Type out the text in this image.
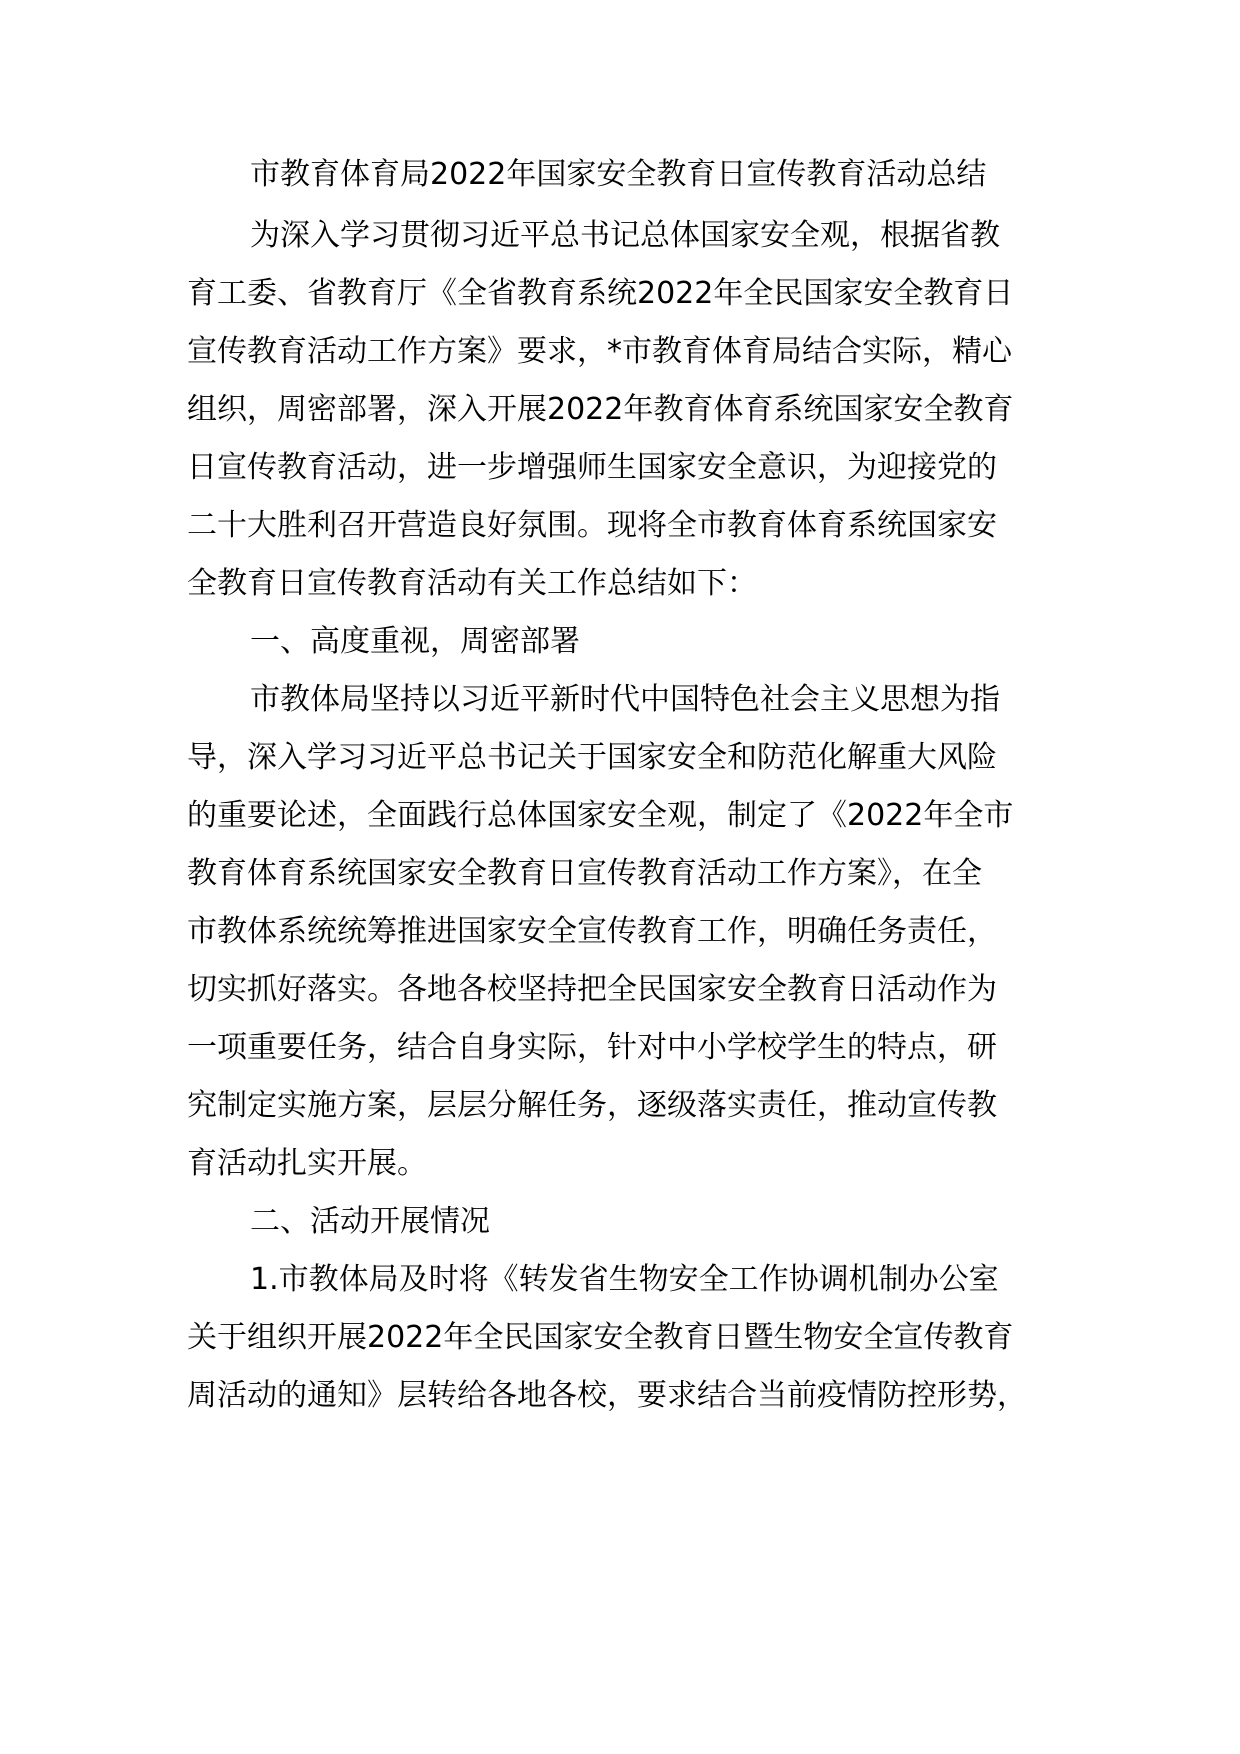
市教育体育局2022年国家安全教育日宣传教育活动总结
为深入学习贯彻习近平总书记总体国家安全观，根据省教
育工委、省教育厅《全省教育系统2022年全民国家安全教育日
宣传教育活动工作方案》要求，*市教育体育局结合实际，精心
组织，周密部署，深入开展2022年教育体育系统国家安全教育
日宣传教育活动，进一步增强师生国家安全意识，为迎接党的
二十大胜利召开营造良好氛围。现将全市教育体育系统国家安
全教育日宣传教育活动有关工作总结如下：
一、高度重视，周密部署
市教体局坚持以习近平新时代中国特色社会主义思想为指
导，深入学习习近平总书记关于国家安全和防范化解重大风险
的重要论述，全面践行总体国家安全观，制定了《2022年全市
教育体育系统国家安全教育日宣传教育活动工作方案》，在全
市教体系统统筹推进国家安全宣传教育工作，明确任务责任，
切实抓好落实。各地各校坚持把全民国家安全教育日活动作为
一项重要任务，结合自身实际，针对中小学校学生的特点，研
究制定实施方案，层层分解任务，逐级落实责任，推动宣传教
育活动扎实开展。
二、活动开展情况
1.市教体局及时将《转发省生物安全工作协调机制办公室
关于组织开展2022年全民国家安全教育日暨生物安全宣传教育
周活动的通知》层转给各地各校，要求结合当前疫情防控形势，
